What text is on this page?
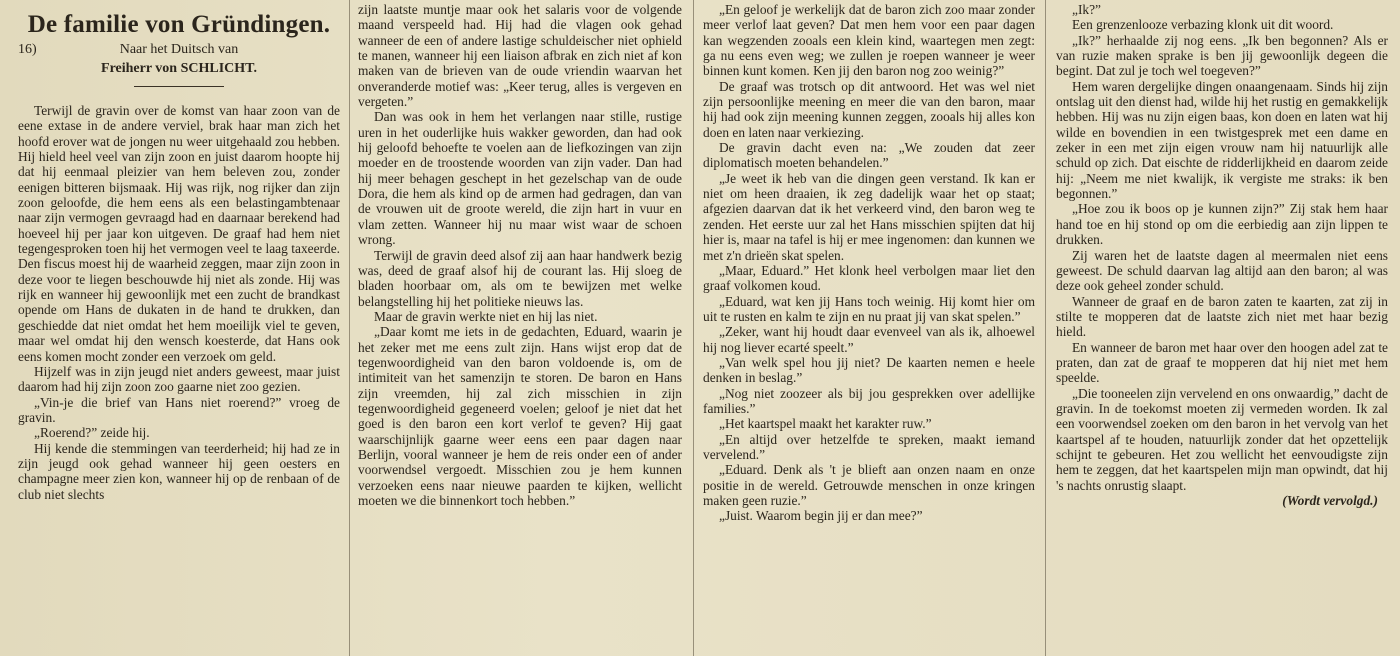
De familie von Gründingen.
16)	Naar het Duitsch van
Freiherr von SCHLICHT.

Terwijl de gravin over de komst van haar zoon van de eene extase in de andere verviel, brak haar man zich het hoofd erover wat de jongen nu weer uitgehaald zou hebben. Hij hield heel veel van zijn zoon en juist daarom hoopte hij dat hij eenmaal pleizier van hem beleven zou, zonder eenigen bitteren bijsmaak. Hij was rijk, nog rijker dan zijn zoon geloofde, die hem eens als een belastingambtenaar naar zijn vermogen gevraagd had en daarnaar berekend had hoeveel hij per jaar kon uitgeven. De graaf had hem niet tegengesproken toen hij het vermogen veel te laag taxeerde. Den fiscus moest hij de waarheid zeggen, maar zijn zoon in deze voor te liegen beschouwde hij niet als zonde. Hij was rijk en wanneer hij gewoonlijk met een zucht de brandkast opende om Hans de dukaten in de hand te drukken, dan geschiedde dat niet omdat het hem moeilijk viel te geven, maar wel omdat hij den wensch koesterde, dat Hans ook eens komen mocht zonder een verzoek om geld.

Hijzelf was in zijn jeugd niet anders geweest, maar juist daarom had hij zijn zoon zoo gaarne niet zoo gezien.

„Vin-je die brief van Hans niet roerend?” vroeg de gravin.

„Roerend?” zeide hij.

Hij kende die stemmingen van teerderheid; hij had ze in zijn jeugd ook gehad wanneer hij geen oesters en champagne meer zien kon, wanneer hij op de renbaan of de club niet slechts

zijn laatste muntje maar ook het salaris voor de volgende maand verspeeld had. Hij had die vlagen ook gehad wanneer de een of andere lastige schuldeischer niet ophield te manen, wanneer hij een liaison afbrak en zich niet af kon maken van de brieven van de oude vriendin waarvan het onveranderde motief was: „Keer terug, alles is vergeven en vergeten.”

Dan was ook in hem het verlangen naar stille, rustige uren in het ouderlijke huis wakker geworden, dan had ook hij geloofd behoefte te voelen aan de liefkozingen van zijn moeder en de troostende woorden van zijn vader. Dan had hij meer behagen geschept in het gezelschap van de oude Dora, die hem als kind op de armen had gedragen, dan van de vrouwen uit de groote wereld, die zijn hart in vuur en vlam zetten. Wanneer hij nu maar wist waar de schoen wrong.

Terwijl de gravin deed alsof zij aan haar handwerk bezig was, deed de graaf alsof hij de courant las. Hij sloeg de bladen hoorbaar om, als om te bewijzen met welke belangstelling hij het politieke nieuws las.

Maar de gravin werkte niet en hij las niet.

„Daar komt me iets in de gedachten, Eduard, waarin je het zeker met me eens zult zijn. Hans wijst erop dat de tegenwoordigheid van den baron voldoende is, om de intimiteit van het samenzijn te storen. De baron en Hans zijn vreemden, hij zal zich misschien in zijn tegenwoordigheid gegeneerd voelen; geloof je niet dat het goed is den baron een kort verlof te geven? Hij gaat waarschijnlijk gaarne weer eens een paar dagen naar Berlijn, vooral wanneer je hem de reis onder een of ander voorwendsel vergoedt. Misschien zou je hem kunnen verzoeken eens naar nieuwe paarden te kijken, wellicht moeten we die binnenkort toch hebben.”

„En geloof je werkelijk dat de baron zich zoo maar zonder meer verlof laat geven? Dat men hem voor een paar dagen kan wegzenden zooals een klein kind, waartegen men zegt: ga nu eens even weg; we zullen je roepen wanneer je weer binnen kunt komen. Ken jij den baron nog zoo weinig?”

De graaf was trotsch op dit antwoord. Het was wel niet zijn persoonlijke meening en meer die van den baron, maar hij had ook zijn meening kunnen zeggen, zooals hij alles kon doen en laten naar verkiezing.

De gravin dacht even na: „We zouden dat zeer diplomatisch moeten behandelen.”

„Je weet ik heb van die dingen geen verstand. Ik kan er niet om heen draaien, ik zeg dadelijk waar het op staat; afgezien daarvan dat ik het verkeerd vind, den baron weg te zenden. Het eerste uur zal het Hans misschien spijten dat hij hier is, maar na tafel is hij er mee ingenomen: dan kunnen we met z'n drieën skat spelen.

„Maar, Eduard.” Het klonk heel verbolgen maar liet den graaf volkomen koud.

„Eduard, wat ken jij Hans toch weinig. Hij komt hier om uit te rusten en kalm te zijn en nu praat jij van skat spelen.”

„Zeker, want hij houdt daar evenveel van als ik, alhoewel hij nog liever ecarté speelt.”

„Van welk spel hou jij niet? De kaarten nemen e heele denken in beslag.”

„Nog niet zoozeer als bij jou gesprekken over adellijke families.”

„Het kaartspel maakt het karakter ruw.”

„En altijd over hetzelfde te spreken, maakt iemand vervelend.”

„Eduard. Denk als 't je blieft aan onzen naam en onze positie in de wereld. Getrouwde menschen in onze kringen maken geen ruzie.”

„Juist. Waarom begin jij er dan mee?”

„Ik?”

Een grenzenlooze verbazing klonk uit dit woord.

„Ik?” herhaalde zij nog eens. „Ik ben begonnen? Als er van ruzie maken sprake is ben jij gewoonlijk degeen die begint. Dat zul je toch wel toegeven?”

Hem waren dergelijke dingen onaangenaam. Sinds hij zijn ontslag uit den dienst had, wilde hij het rustig en gemakkelijk hebben. Hij was nu zijn eigen baas, kon doen en laten wat hij wilde en bovendien in een twistgesprek met een dame en zeker in een met zijn eigen vrouw nam hij natuurlijk alle schuld op zich. Dat eischte de ridderlijkheid en daarom zeide hij: „Neem me niet kwalijk, ik vergiste me straks: ik ben begonnen.”

„Hoe zou ik boos op je kunnen zijn?” Zij stak hem haar hand toe en hij stond op om die eerbiedig aan zijn lippen te drukken.

Zij waren het de laatste dagen al meermalen niet eens geweest. De schuld daarvan lag altijd aan den baron; al was deze ook geheel zonder schuld.

Wanneer de graaf en de baron zaten te kaarten, zat zij in stilte te mopperen dat de laatste zich niet met haar bezig hield.

En wanneer de baron met haar over den hoogen adel zat te praten, dan zat de graaf te mopperen dat hij niet met hem speelde.

„Die tooneelen zijn vervelend en ons onwaardig,” dacht de gravin. In de toekomst moeten zij vermeden worden. Ik zal een voorwendsel zoeken om den baron in het vervolg van het kaartspel af te houden, natuurlijk zonder dat het opzettelijk schijnt te gebeuren. Het zou wellicht het eenvoudigste zijn hem te zeggen, dat het kaartspelen mijn man opwindt, dat hij 's nachts onrustig slaapt.

(Wordt vervolgd.)
